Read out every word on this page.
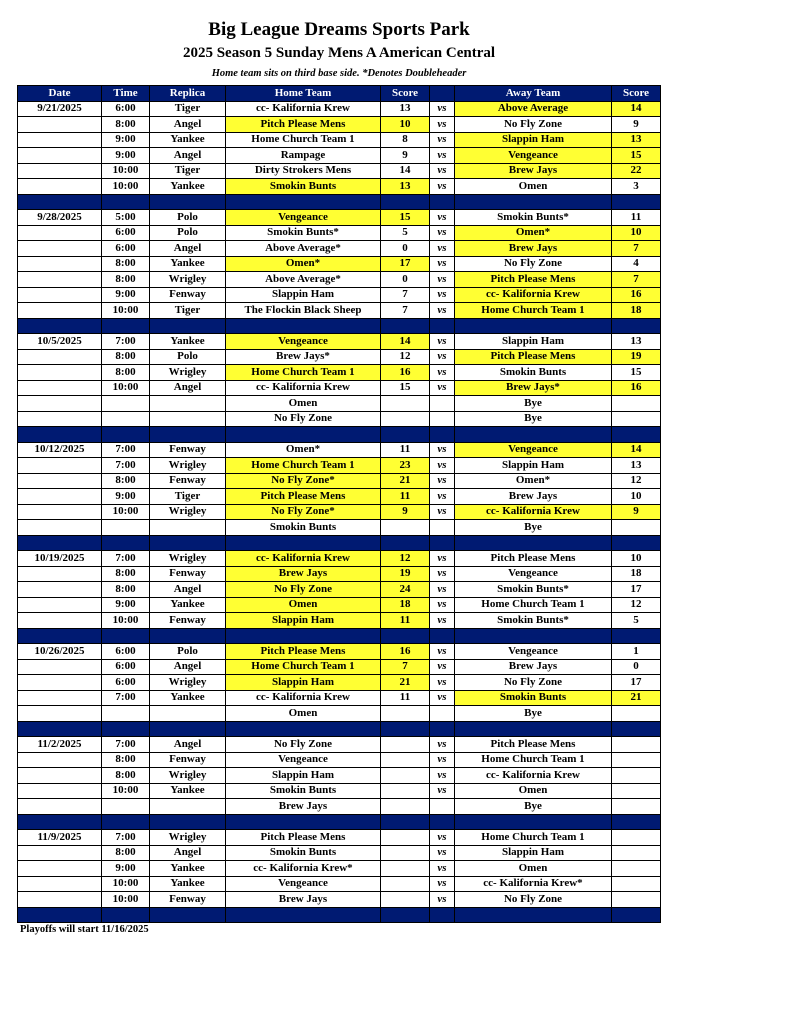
Big League Dreams Sports Park
2025 Season 5 Sunday Mens A American Central
Home team sits on third base side. *Denotes Doubleheader
Date	Time	Replica	Home Team	Score		Away Team	Score
9/21/2025	6:00	Tiger	cc- Kalifornia Krew	13	vs	Above Average	14
	8:00	Angel	Pitch Please Mens	10	vs	No Fly Zone	9
	9:00	Yankee	Home Church Team 1	8	vs	Slappin Ham	13
	9:00	Angel	Rampage	9	vs	Vengeance	15
	10:00	Tiger	Dirty Strokers Mens	14	vs	Brew Jays	22
	10:00	Yankee	Smokin Bunts	13	vs	Omen	3

9/28/2025	5:00	Polo	Vengeance	15	vs	Smokin Bunts*	11
	6:00	Polo	Smokin Bunts*	5	vs	Omen*	10
	6:00	Angel	Above Average*	0	vs	Brew Jays	7
	8:00	Yankee	Omen*	17	vs	No Fly Zone	4
	8:00	Wrigley	Above Average*	0	vs	Pitch Please Mens	7
	9:00	Fenway	Slappin Ham	7	vs	cc- Kalifornia Krew	16
	10:00	Tiger	The Flockin Black Sheep	7	vs	Home Church Team 1	18

10/5/2025	7:00	Yankee	Vengeance	14	vs	Slappin Ham	13
	8:00	Polo	Brew Jays*	12	vs	Pitch Please Mens	19
	8:00	Wrigley	Home Church Team 1	16	vs	Smokin Bunts	15
	10:00	Angel	cc- Kalifornia Krew	15	vs	Brew Jays*	16
			Omen			Bye	
			No Fly Zone			Bye	

10/12/2025	7:00	Fenway	Omen*	11	vs	Vengeance	14
	7:00	Wrigley	Home Church Team 1	23	vs	Slappin Ham	13
	8:00	Fenway	No Fly Zone*	21	vs	Omen*	12
	9:00	Tiger	Pitch Please Mens	11	vs	Brew Jays	10
	10:00	Wrigley	No Fly Zone*	9	vs	cc- Kalifornia Krew	9
			Smokin Bunts			Bye	

10/19/2025	7:00	Wrigley	cc- Kalifornia Krew	12	vs	Pitch Please Mens	10
	8:00	Fenway	Brew Jays	19	vs	Vengeance	18
	8:00	Angel	No Fly Zone	24	vs	Smokin Bunts*	17
	9:00	Yankee	Omen	18	vs	Home Church Team 1	12
	10:00	Fenway	Slappin Ham	11	vs	Smokin Bunts*	5

10/26/2025	6:00	Polo	Pitch Please Mens	16	vs	Vengeance	1
	6:00	Angel	Home Church Team 1	7	vs	Brew Jays	0
	6:00	Wrigley	Slappin Ham	21	vs	No Fly Zone	17
	7:00	Yankee	cc- Kalifornia Krew	11	vs	Smokin Bunts	21
			Omen			Bye	

11/2/2025	7:00	Angel	No Fly Zone		vs	Pitch Please Mens	
	8:00	Fenway	Vengeance		vs	Home Church Team 1	
	8:00	Wrigley	Slappin Ham		vs	cc- Kalifornia Krew	
	10:00	Yankee	Smokin Bunts		vs	Omen	
			Brew Jays			Bye	

11/9/2025	7:00	Wrigley	Pitch Please Mens		vs	Home Church Team 1	
	8:00	Angel	Smokin Bunts		vs	Slappin Ham	
	9:00	Yankee	cc- Kalifornia Krew*		vs	Omen	
	10:00	Yankee	Vengeance		vs	cc- Kalifornia Krew*	
	10:00	Fenway	Brew Jays		vs	No Fly Zone	

Playoffs will start 11/16/2025
